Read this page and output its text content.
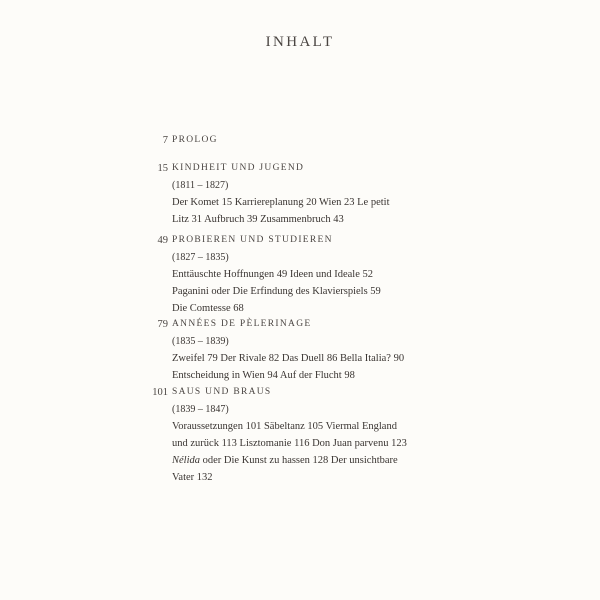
INHALT
7 PROLOG
15 KINDHEIT UND JUGEND
(1811 – 1827)
Der Komet 15 Karriereplanung 20 Wien 23 Le petit
Litz 31 Aufbruch 39 Zusammenbruch 43
49 PROBIEREN UND STUDIEREN
(1827 – 1835)
Enttäuschte Hoffnungen 49 Ideen und Ideale 52
Paganini oder Die Erfindung des Klavierspiels 59
Die Comtesse 68
79 ANNÉES DE PÈLERINAGE
(1835 – 1839)
Zweifel 79 Der Rivale 82 Das Duell 86 Bella Italia? 90
Entscheidung in Wien 94 Auf der Flucht 98
101 SAUS UND BRAUS
(1839 – 1847)
Voraussetzungen 101 Säbeltanz 105 Viermal England
und zurück 113 Lisztomanie 116 Don Juan parvenu 123
Nélida oder Die Kunst zu hassen 128 Der unsichtbare
Vater 132
